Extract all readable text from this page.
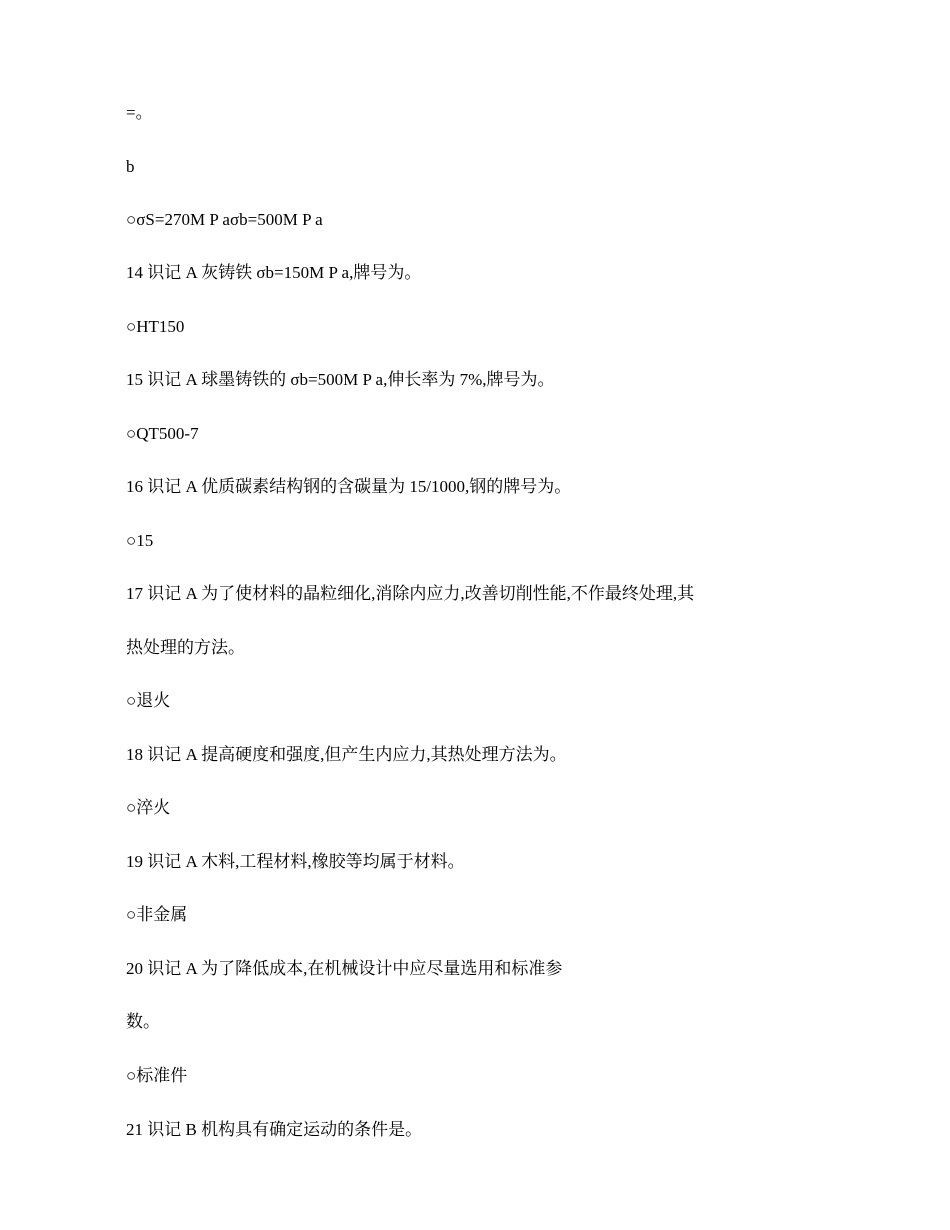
=。
b
○σS=270M P aσb=500M P a
14 识记 A 灰铸铁 σb=150M P a,牌号为。
○HT150
15 识记 A 球墨铸铁的 σb=500M P a,伸长率为 7%,牌号为。
○QT500-7
16 识记 A 优质碳素结构钢的含碳量为 15/1000,钢的牌号为。
○15
17 识记 A 为了使材料的晶粒细化,消除内应力,改善切削性能,不作最终处理,其
热处理的方法。
○退火
18 识记 A 提高硬度和强度,但产生内应力,其热处理方法为。
○淬火
19 识记 A 木料,工程材料,橡胶等均属于材料。
○非金属
20 识记 A 为了降低成本,在机械设计中应尽量选用和标准参
数。
○标准件
21 识记 B 机构具有确定运动的条件是。
